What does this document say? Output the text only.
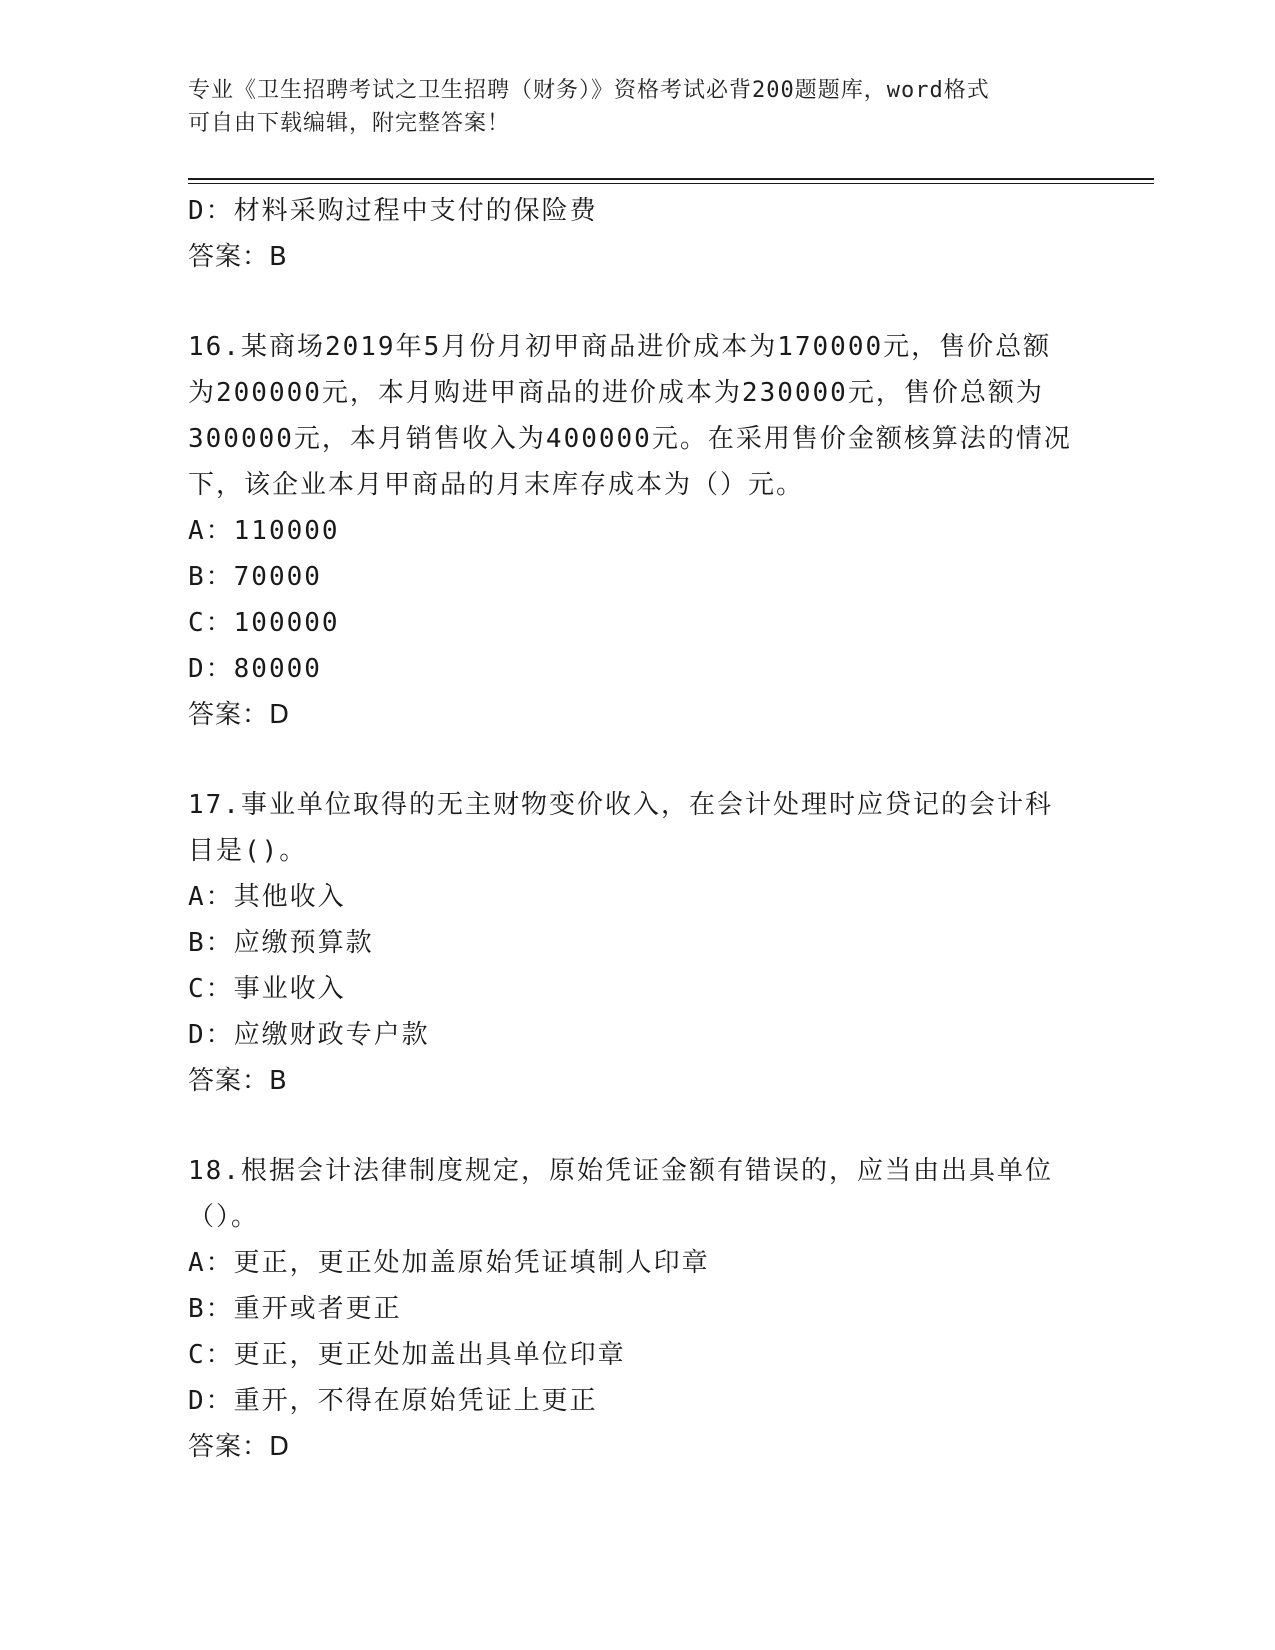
专业《卫生招聘考试之卫生招聘（财务）》资格考试必背200题题库，word格式
可自由下载编辑，附完整答案！
D：材料采购过程中支付的保险费
答案：B
16.某商场2019年5月份月初甲商品进价成本为170000元，售价总额
为200000元，本月购进甲商品的进价成本为230000元，售价总额为
300000元，本月销售收入为400000元。在采用售价金额核算法的情况
下，该企业本月甲商品的月末库存成本为（）元。
A：110000
B：70000
C：100000
D：80000
答案：D
17.事业单位取得的无主财物变价收入，在会计处理时应贷记的会计科
目是()。
A：其他收入
B：应缴预算款
C：事业收入
D：应缴财政专户款
答案：B
18.根据会计法律制度规定，原始凭证金额有错误的，应当由出具单位
（）。
A：更正，更正处加盖原始凭证填制人印章
B：重开或者更正
C：更正，更正处加盖出具单位印章
D：重开，不得在原始凭证上更正
答案：D
